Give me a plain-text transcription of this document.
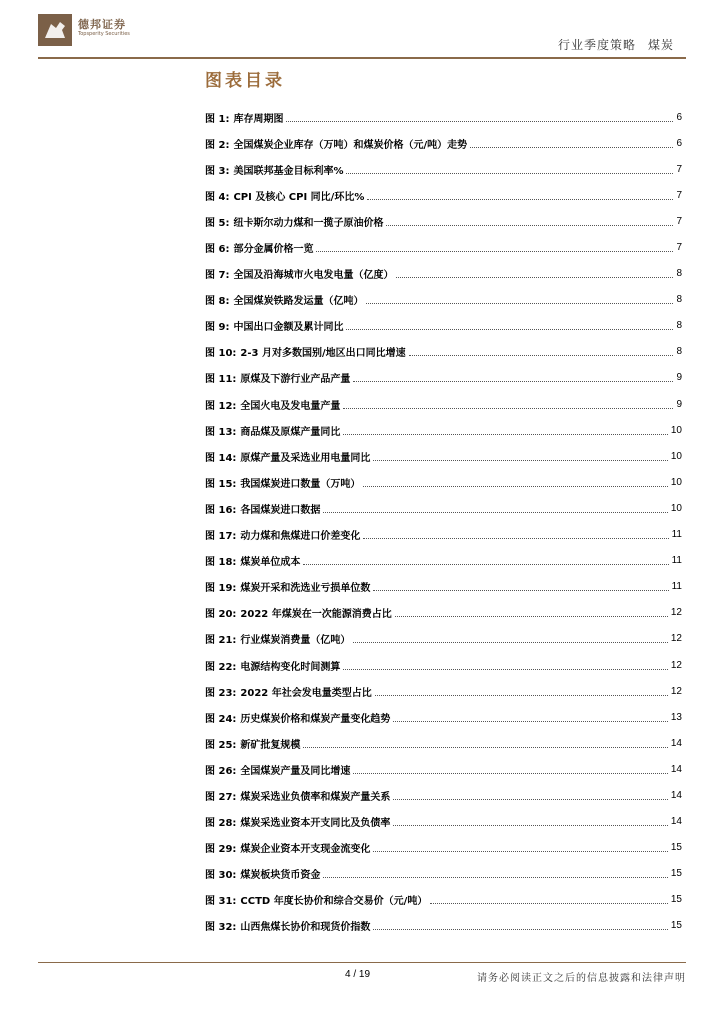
德邦证券
Topsperity Securities
行业季度策略 煤炭
图表目录
图 1: 库存周期图	6
图 2: 全国煤炭企业库存（万吨）和煤炭价格（元/吨）走势	6
图 3: 美国联邦基金目标利率%	7
图 4: CPI 及核心 CPI 同比/环比%	7
图 5: 纽卡斯尔动力煤和一揽子原油价格	7
图 6: 部分金属价格一览	7
图 7: 全国及沿海城市火电发电量（亿度）	8
图 8: 全国煤炭铁路发运量（亿吨）	8
图 9: 中国出口金额及累计同比	8
图 10: 2-3 月对多数国别/地区出口同比增速	8
图 11: 原煤及下游行业产品产量	9
图 12: 全国火电及发电量产量	9
图 13: 商品煤及原煤产量同比	10
图 14: 原煤产量及采选业用电量同比	10
图 15: 我国煤炭进口数量（万吨）	10
图 16: 各国煤炭进口数据	10
图 17: 动力煤和焦煤进口价差变化	11
图 18: 煤炭单位成本	11
图 19: 煤炭开采和洗选业亏损单位数	11
图 20: 2022 年煤炭在一次能源消费占比	12
图 21: 行业煤炭消费量（亿吨）	12
图 22: 电源结构变化时间测算	12
图 23: 2022 年社会发电量类型占比	12
图 24: 历史煤炭价格和煤炭产量变化趋势	13
图 25: 新矿批复规模	14
图 26: 全国煤炭产量及同比增速	14
图 27: 煤炭采选业负债率和煤炭产量关系	14
图 28: 煤炭采选业资本开支同比及负债率	14
图 29: 煤炭企业资本开支现金流变化	15
图 30: 煤炭板块货币资金	15
图 31: CCTD 年度长协价和综合交易价（元/吨）	15
图 32: 山西焦煤长协价和现货价指数	15
4 / 19	请务必阅读正文之后的信息披露和法律声明
